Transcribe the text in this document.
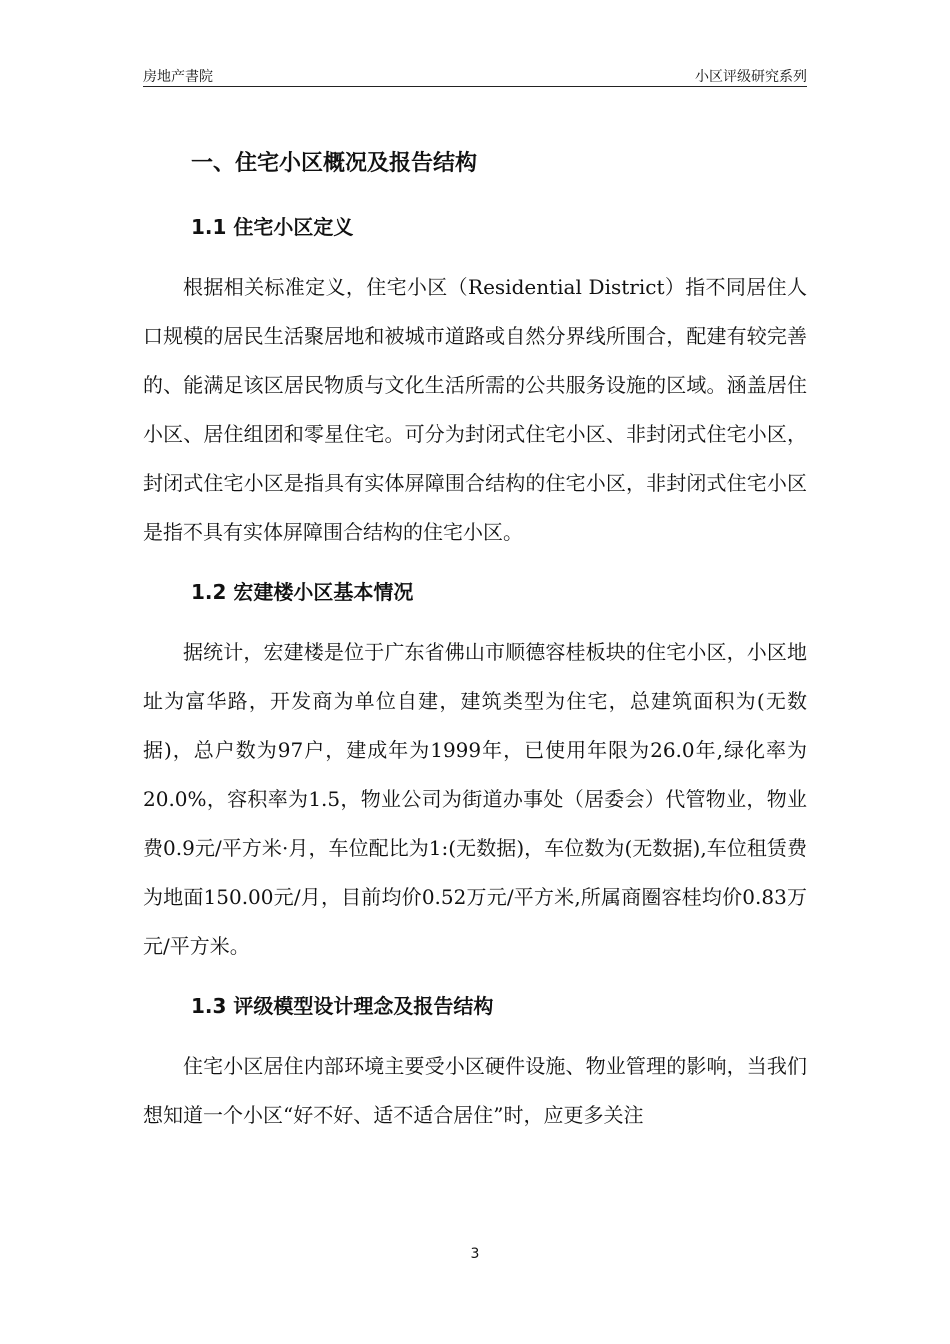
房地产書院	小区评级研究系列
一、住宅小区概况及报告结构
1.1 住宅小区定义

根据相关标准定义，住宅小区（Residential District）指不同居住人口规模的居民生活聚居地和被城市道路或自然分界线所围合，配建有较完善的、能满足该区居民物质与文化生活所需的公共服务设施的区域。涵盖居住小区、居住组团和零星住宅。可分为封闭式住宅小区、非封闭式住宅小区，封闭式住宅小区是指具有实体屏障围合结构的住宅小区，非封闭式住宅小区是指不具有实体屏障围合结构的住宅小区。

1.2 宏建楼小区基本情况

据统计，宏建楼是位于广东省佛山市顺德容桂板块的住宅小区，小区地址为富华路，开发商为单位自建，建筑类型为住宅，总建筑面积为(无数据)，总户数为97户，建成年为1999年，已使用年限为26.0年,绿化率为20.0%，容积率为1.5，物业公司为街道办事处（居委会）代管物业，物业费0.9元/平方米·月，车位配比为1:(无数据)，车位数为(无数据),车位租赁费为地面150.00元/月，目前均价0.52万元/平方米,所属商圈容桂均价0.83万元/平方米。

1.3 评级模型设计理念及报告结构

住宅小区居住内部环境主要受小区硬件设施、物业管理的影响，当我们想知道一个小区“好不好、适不适合居住”时，应更多关注

3
